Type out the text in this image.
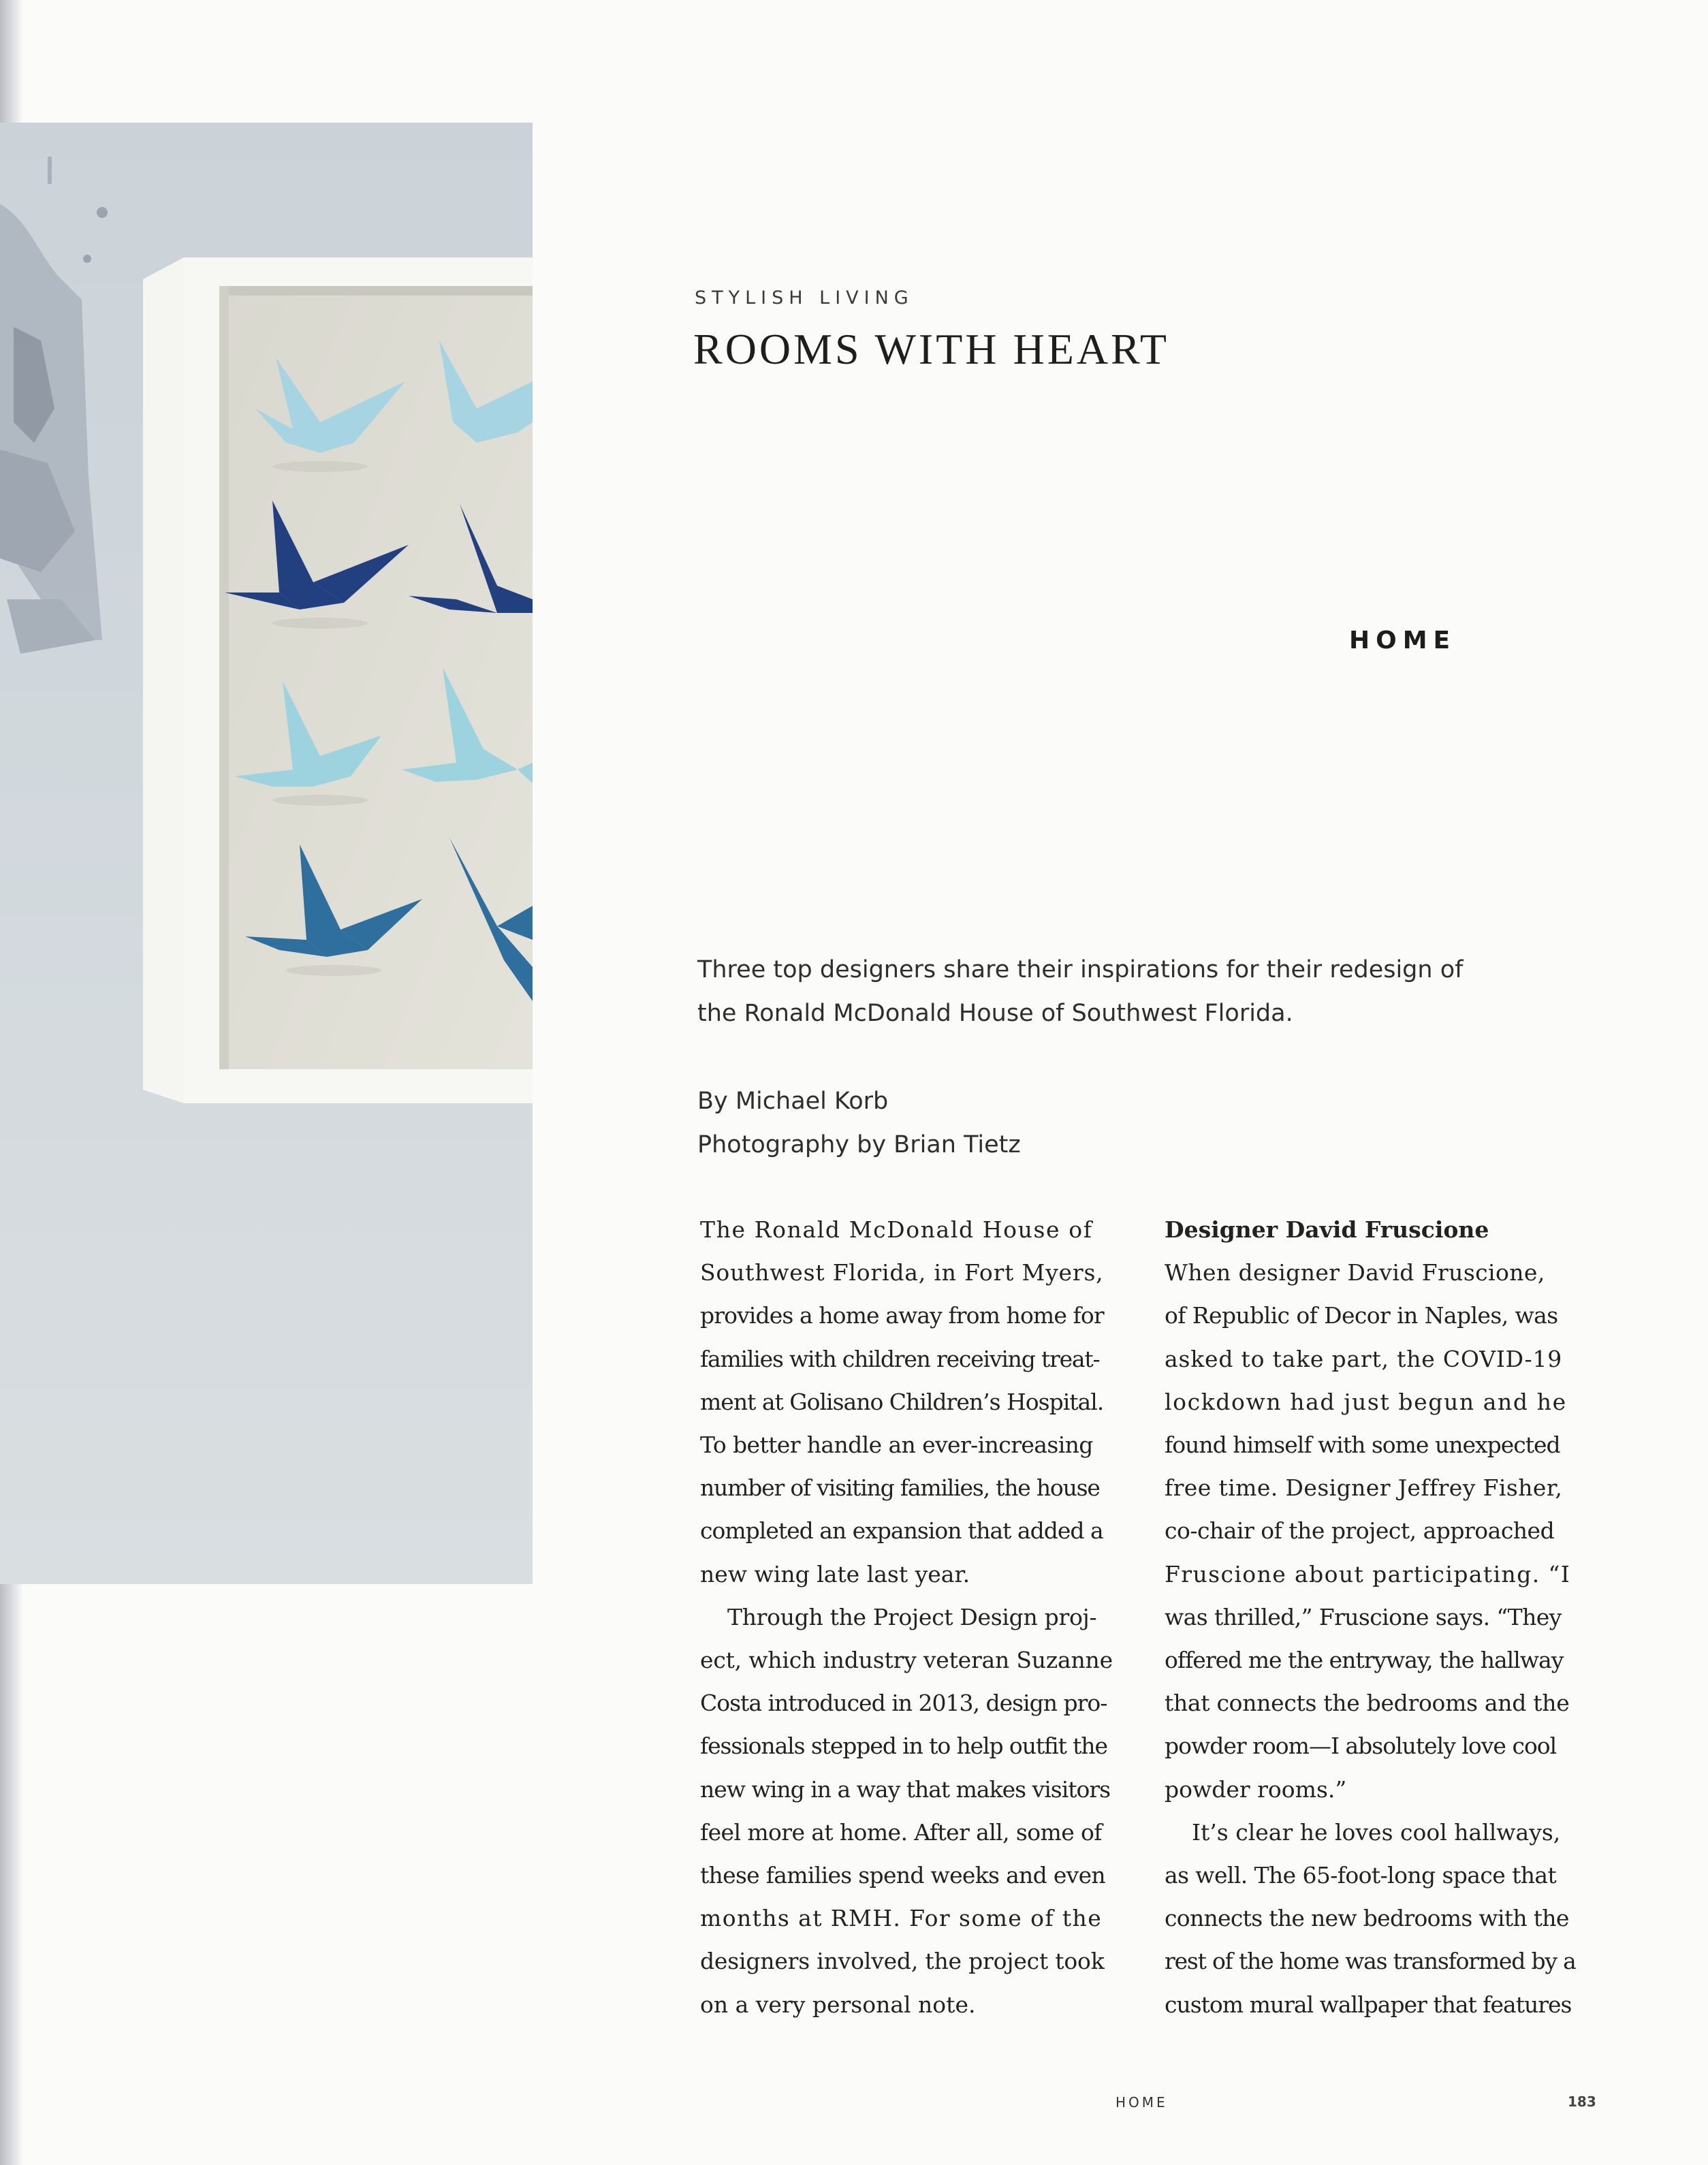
STYLISH LIVING
ROOMS WITH HEART
HOME
Three top designers share their inspirations for their redesign of
the Ronald McDonald House of Southwest Florida.
By Michael Korb
Photography by Brian Tietz
The Ronald McDonald House of
Southwest Florida, in Fort Myers,
provides a home away from home for
families with children receiving treat-
ment at Golisano Children’s Hospital.
To better handle an ever-increasing
number of visiting families, the house
completed an expansion that added a
new wing late last year.
Through the Project Design proj-
ect, which industry veteran Suzanne
Costa introduced in 2013, design pro-
fessionals stepped in to help outfit the
new wing in a way that makes visitors
feel more at home. After all, some of
these families spend weeks and even
months at RMH. For some of the
designers involved, the project took
on a very personal note.
Designer David Fruscione
When designer David Fruscione,
of Republic of Decor in Naples, was
asked to take part, the COVID-19
lockdown had just begun and he
found himself with some unexpected
free time. Designer Jeffrey Fisher,
co-chair of the project, approached
Fruscione about participating. “I
was thrilled,” Fruscione says. “They
offered me the entryway, the hallway
that connects the bedrooms and the
powder room—I absolutely love cool
powder rooms.”
It’s clear he loves cool hallways,
as well. The 65-foot-long space that
connects the new bedrooms with the
rest of the home was transformed by a
custom mural wallpaper that features
HOME	183
